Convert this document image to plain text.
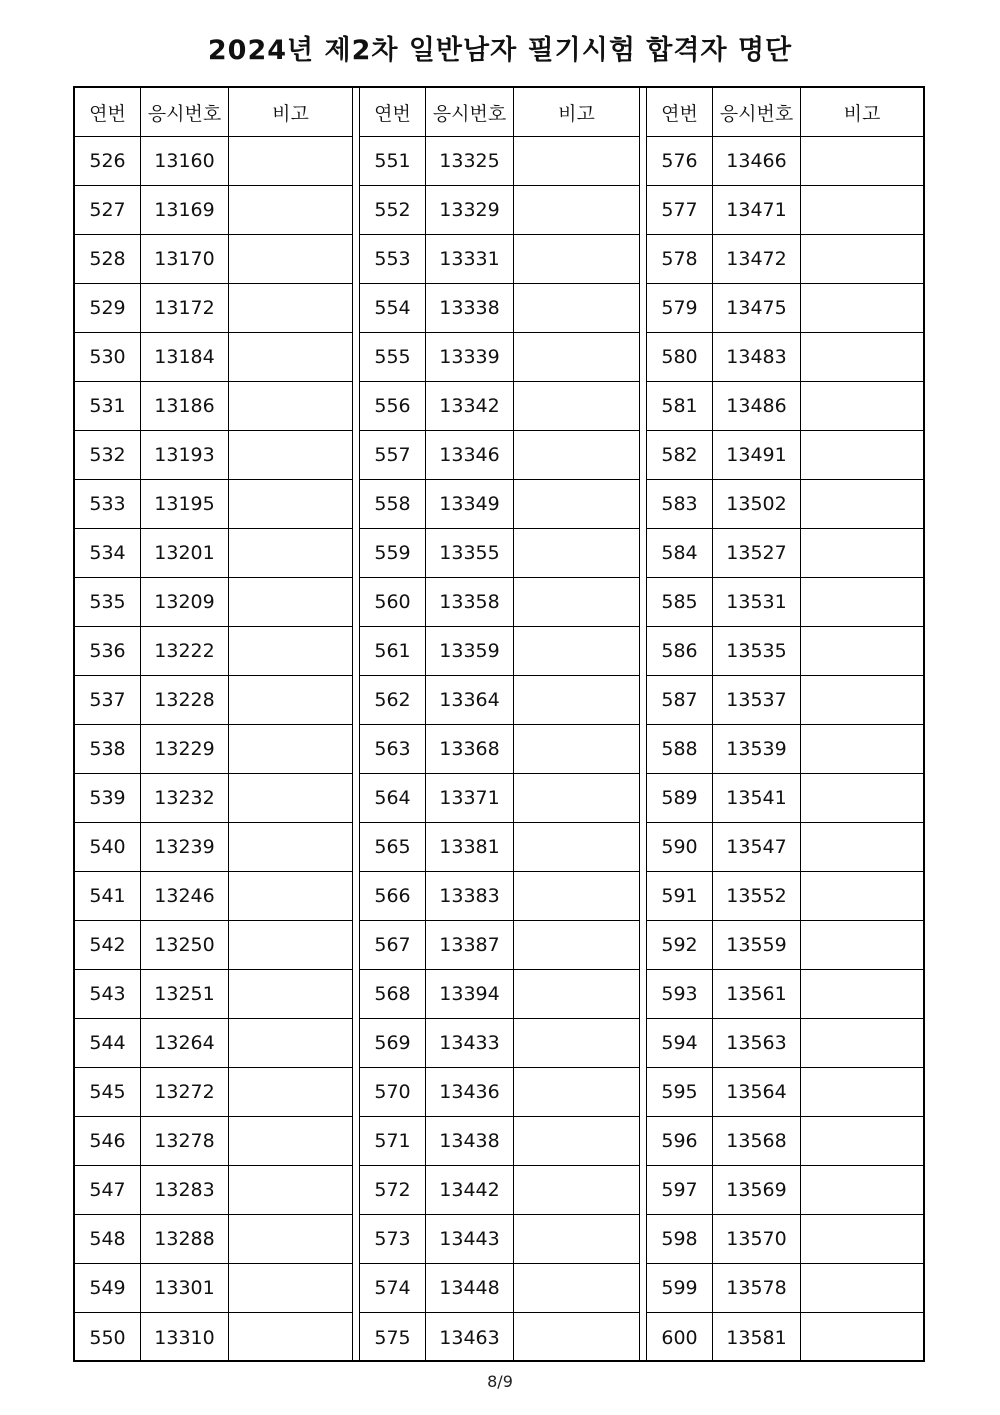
2024년 제2차 일반남자 필기시험 합격자 명단
연번	응시번호	비고
526	13160
527	13169
528	13170
529	13172
530	13184
531	13186
532	13193
533	13195
534	13201
535	13209
536	13222
537	13228
538	13229
539	13232
540	13239
541	13246
542	13250
543	13251
544	13264
545	13272
546	13278
547	13283
548	13288
549	13301
550	13310
연번	응시번호	비고
551	13325
552	13329
553	13331
554	13338
555	13339
556	13342
557	13346
558	13349
559	13355
560	13358
561	13359
562	13364
563	13368
564	13371
565	13381
566	13383
567	13387
568	13394
569	13433
570	13436
571	13438
572	13442
573	13443
574	13448
575	13463
연번	응시번호	비고
576	13466
577	13471
578	13472
579	13475
580	13483
581	13486
582	13491
583	13502
584	13527
585	13531
586	13535
587	13537
588	13539
589	13541
590	13547
591	13552
592	13559
593	13561
594	13563
595	13564
596	13568
597	13569
598	13570
599	13578
600	13581
8/9
